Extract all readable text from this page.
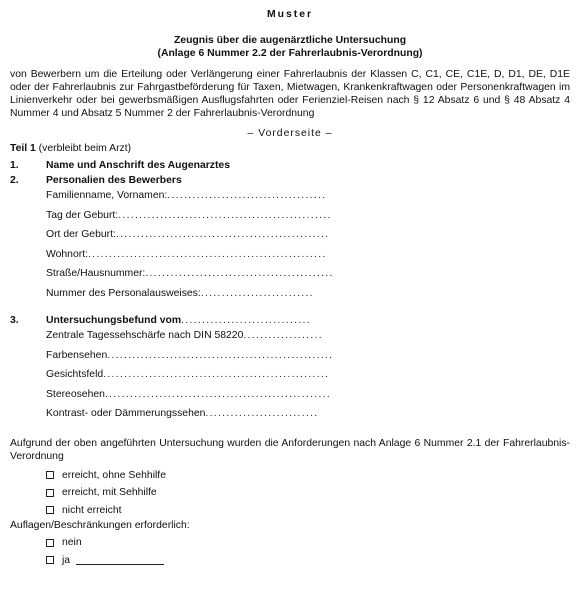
Muster
Zeugnis über die augenärztliche Untersuchung
(Anlage 6 Nummer 2.2 der Fahrerlaubnis-Verordnung)
von Bewerbern um die Erteilung oder Verlängerung einer Fahrerlaubnis der Klassen C, C1, CE, C1E, D, D1, DE, D1E oder der Fahrerlaubnis zur Fahrgastbeförderung für Taxen, Mietwagen, Krankenkraftwagen oder Personenkraftwagen im Linienverkehr oder bei gewerbsmäßigen Ausflugsfahrten oder Ferienziel-Reisen nach § 12 Absatz 6 und § 48 Absatz 4 Nummer 4 und Absatz 5 Nummer 2 der Fahrerlaubnis-Verordnung
– Vorderseite –
Teil 1 (verbleibt beim Arzt)
1.	Name und Anschrift des Augenarztes
2.	Personalien des Bewerbers
Familienname, Vornamen: ......................................
Tag der Geburt: ...................................................
Ort der Geburt: ...................................................
Wohnort: .........................................................
Straße/Hausnummer: .............................................
Nummer des Personalausweises: ...........................
3.	Untersuchungsbefund vom ...............................
Zentrale Tagessehschärfe nach DIN 58220 ...................
Farbensehen ......................................................
Gesichtsfeld ......................................................
Stereosehen ......................................................
Kontrast- oder Dämmerungssehen ...........................
Aufgrund der oben angeführten Untersuchung wurden die Anforderungen nach Anlage 6 Nummer 2.1 der Fahrerlaubnis-Verordnung
erreicht, ohne Sehhilfe
erreicht, mit Sehhilfe
nicht erreicht
Auflagen/Beschränkungen erforderlich:
nein
ja
